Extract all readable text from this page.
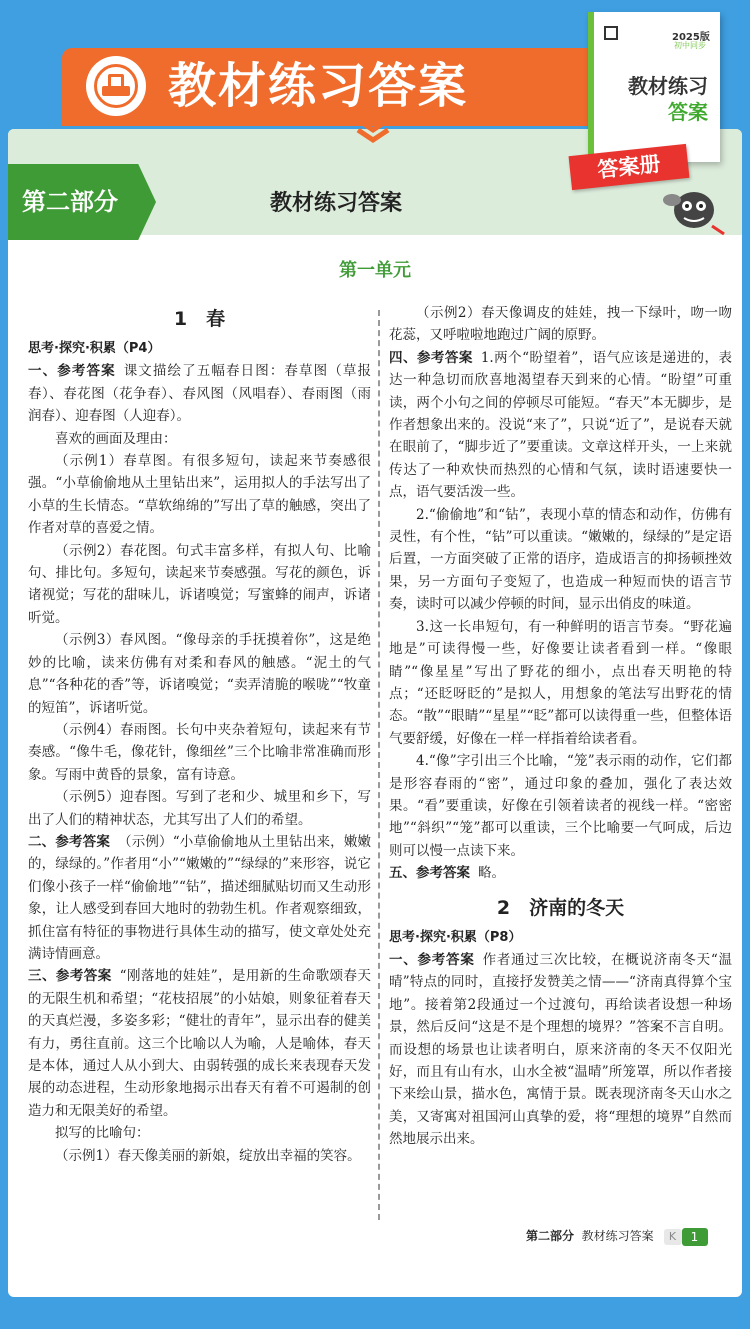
教材练习答案
2025版
初中同步
教材练习
答案
答案册
第二部分	教材练习答案
第一单元
1　春
思考·探究·积累（P4）

一、参考答案 课文描绘了五幅春日图：春草图（草报春）、春花图（花争春）、春风图（风唱春）、春雨图（雨润春）、迎春图（人迎春）。

喜欢的画面及理由：

（示例1）春草图。有很多短句，读起来节奏感很强。“小草偷偷地从土里钻出来”，运用拟人的手法写出了小草的生长情态。“草软绵绵的”写出了草的触感，突出了作者对草的喜爱之情。

（示例2）春花图。句式丰富多样，有拟人句、比喻句、排比句。多短句，读起来节奏感强。写花的颜色，诉诸视觉；写花的甜味儿，诉诸嗅觉；写蜜蜂的闹声，诉诸听觉。

（示例3）春风图。“像母亲的手抚摸着你”，这是绝妙的比喻，读来仿佛有对柔和春风的触感。“泥土的气息”“各种花的香”等，诉诸嗅觉；“卖弄清脆的喉咙”“牧童的短笛”，诉诸听觉。

（示例4）春雨图。长句中夹杂着短句，读起来有节奏感。“像牛毛，像花针，像细丝”三个比喻非常准确而形象。写雨中黄昏的景象，富有诗意。

（示例5）迎春图。写到了老和少、城里和乡下，写出了人们的精神状态，尤其写出了人们的希望。

二、参考答案 （示例）“小草偷偷地从土里钻出来，嫩嫩的，绿绿的。”作者用“小”“嫩嫩的”“绿绿的”来形容，说它们像小孩子一样“偷偷地”“钻”，描述细腻贴切而又生动形象，让人感受到春回大地时的勃勃生机。作者观察细致，抓住富有特征的事物进行具体生动的描写，使文章处处充满诗情画意。

三、参考答案 “刚落地的娃娃”，是用新的生命歌颂春天的无限生机和希望；“花枝招展”的小姑娘，则象征着春天的天真烂漫，多姿多彩；“健壮的青年”，显示出春的健美有力，勇往直前。这三个比喻以人为喻，人是喻体，春天是本体，通过人从小到大、由弱转强的成长来表现春天发展的动态进程，生动形象地揭示出春天有着不可遏制的创造力和无限美好的希望。

拟写的比喻句：

（示例1）春天像美丽的新娘，绽放出幸福的笑容。

（示例2）春天像调皮的娃娃，拽一下绿叶，吻一吻花蕊，又呼啦啦地跑过广阔的原野。

四、参考答案 1.两个“盼望着”，语气应该是递进的，表达一种急切而欣喜地渴望春天到来的心情。“盼望”可重读，两个小句之间的停顿尽可能短。“春天”本无脚步，是作者想象出来的。没说“来了”，只说“近了”，是说春天就在眼前了，“脚步近了”要重读。文章这样开头，一上来就传达了一种欢快而热烈的心情和气氛，读时语速要快一点，语气要活泼一些。

2.“偷偷地”和“钻”，表现小草的情态和动作，仿佛有灵性，有个性，“钻”可以重读。“嫩嫩的，绿绿的”是定语后置，一方面突破了正常的语序，造成语言的抑扬顿挫效果，另一方面句子变短了，也造成一种短而快的语言节奏，读时可以减少停顿的时间，显示出俏皮的味道。

3.这一长串短句，有一种鲜明的语言节奏。“野花遍地是”可读得慢一些，好像要让读者看到一样。“像眼睛”“像星星”写出了野花的细小，点出春天明艳的特点；“还眨呀眨的”是拟人，用想象的笔法写出野花的情态。“散”“眼睛”“星星”“眨”都可以读得重一些，但整体语气要舒缓，好像在一样一样指着给读者看。

4.“像”字引出三个比喻，“笼”表示雨的动作，它们都是形容春雨的“密”，通过印象的叠加，强化了表达效果。“看”要重读，好像在引领着读者的视线一样。“密密地”“斜织”“笼”都可以重读，三个比喻要一气呵成，后边则可以慢一点读下来。

五、参考答案 略。

2　济南的冬天
思考·探究·积累（P8）

一、参考答案 作者通过三次比较，在概说济南冬天“温晴”特点的同时，直接抒发赞美之情——“济南真得算个宝地”。接着第2段通过一个过渡句，再给读者设想一种场景，然后反问“这是不是个理想的境界？”答案不言自明。而设想的场景也让读者明白，原来济南的冬天不仅阳光好，而且有山有水，山水全被“温晴”所笼罩，所以作者接下来绘山景，描水色，寓情于景。既表现济南冬天山水之美，又寄寓对祖国河山真挚的爱，将“理想的境界”自然而然地展示出来。

第二部分 教材练习答案 K 1
